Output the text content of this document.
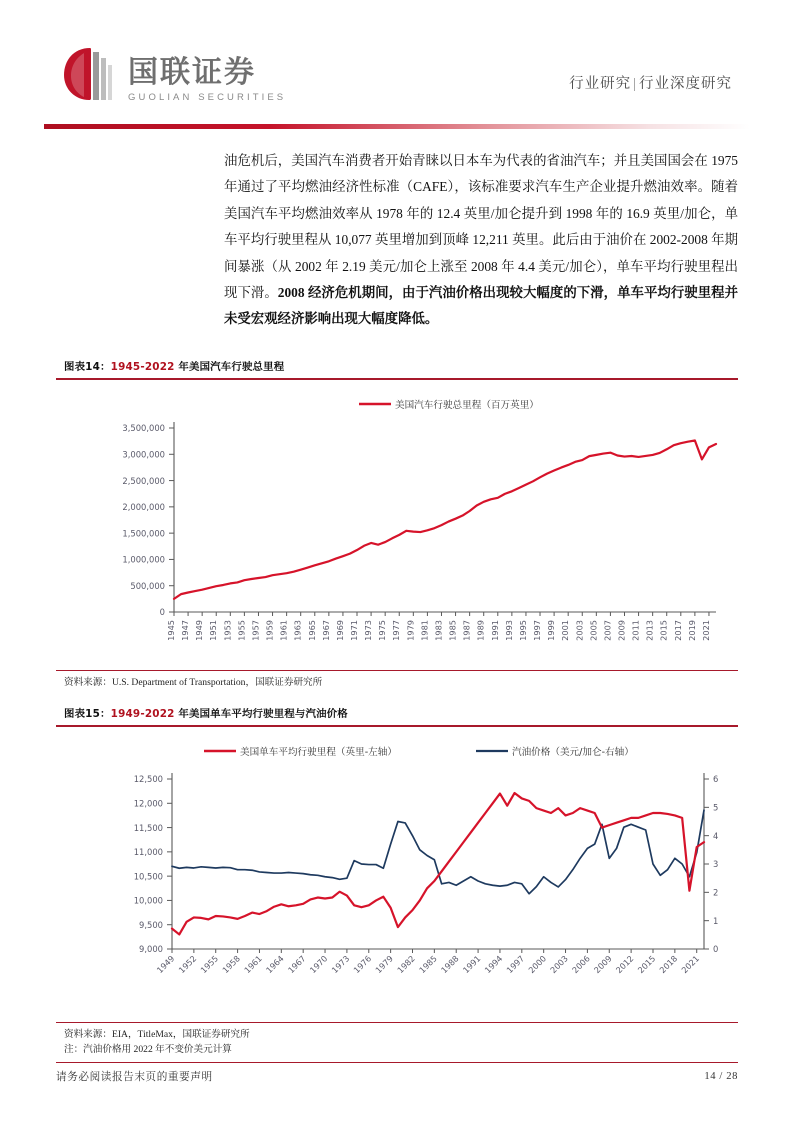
国联证券
GUOLIAN SECURITIES
行业研究 | 行业深度研究
油危机后，美国汽车消费者开始青睐以日本车为代表的省油汽车；并且美国国会在 1975 年通过了平均燃油经济性标准（CAFE），该标准要求汽车生产企业提升燃油效率。随着美国汽车平均燃油效率从 1978 年的 12.4 英里/加仑提升到 1998 年的 16.9 英里/加仑，单车平均行驶里程从 10,077 英里增加到顶峰 12,211 英里。此后由于油价在 2002-2008 年期间暴涨（从 2002 年 2.19 美元/加仑上涨至 2008 年 4.4 美元/加仑），单车平均行驶里程出现下滑。2008 经济危机期间，由于汽油价格出现较大幅度的下滑，单车平均行驶里程并未受宏观经济影响出现大幅度降低。
图表14：1945-2022 年美国汽车行驶总里程
美国汽车行驶总里程（百万英里）
0
500,000
1,000,000
1,500,000
2,000,000
2,500,000
3,000,000
3,500,000
1945 1947 1949 1951 1953 1955 1957 1959 1961 1963 1965 1967 1969 1971 1973 1975 1977 1979 1981 1983 1985 1987 1989 1991 1993 1995 1997 1999 2001 2003 2005 2007 2009 2011 2013 2015 2017 2019 2021
资料来源：U.S. Department of Transportation，国联证券研究所
图表15：1949-2022 年美国单车平均行驶里程与汽油价格
美国单车平均行驶里程（英里-左轴）	汽油价格（美元/加仑-右轴）
9,000
9,500
10,000
10,500
11,000
11,500
12,000
12,500
0
1
2
3
4
5
6
1949 1952 1955 1958 1961 1964 1967 1970 1973 1976 1979 1982 1985 1988 1991 1994 1997 2000 2003 2006 2009 2012 2015 2018 2021
资料来源：EIA，TitleMax，国联证券研究所
注：汽油价格用 2022 年不变价美元计算
请务必阅读报告末页的重要声明	14 / 28
